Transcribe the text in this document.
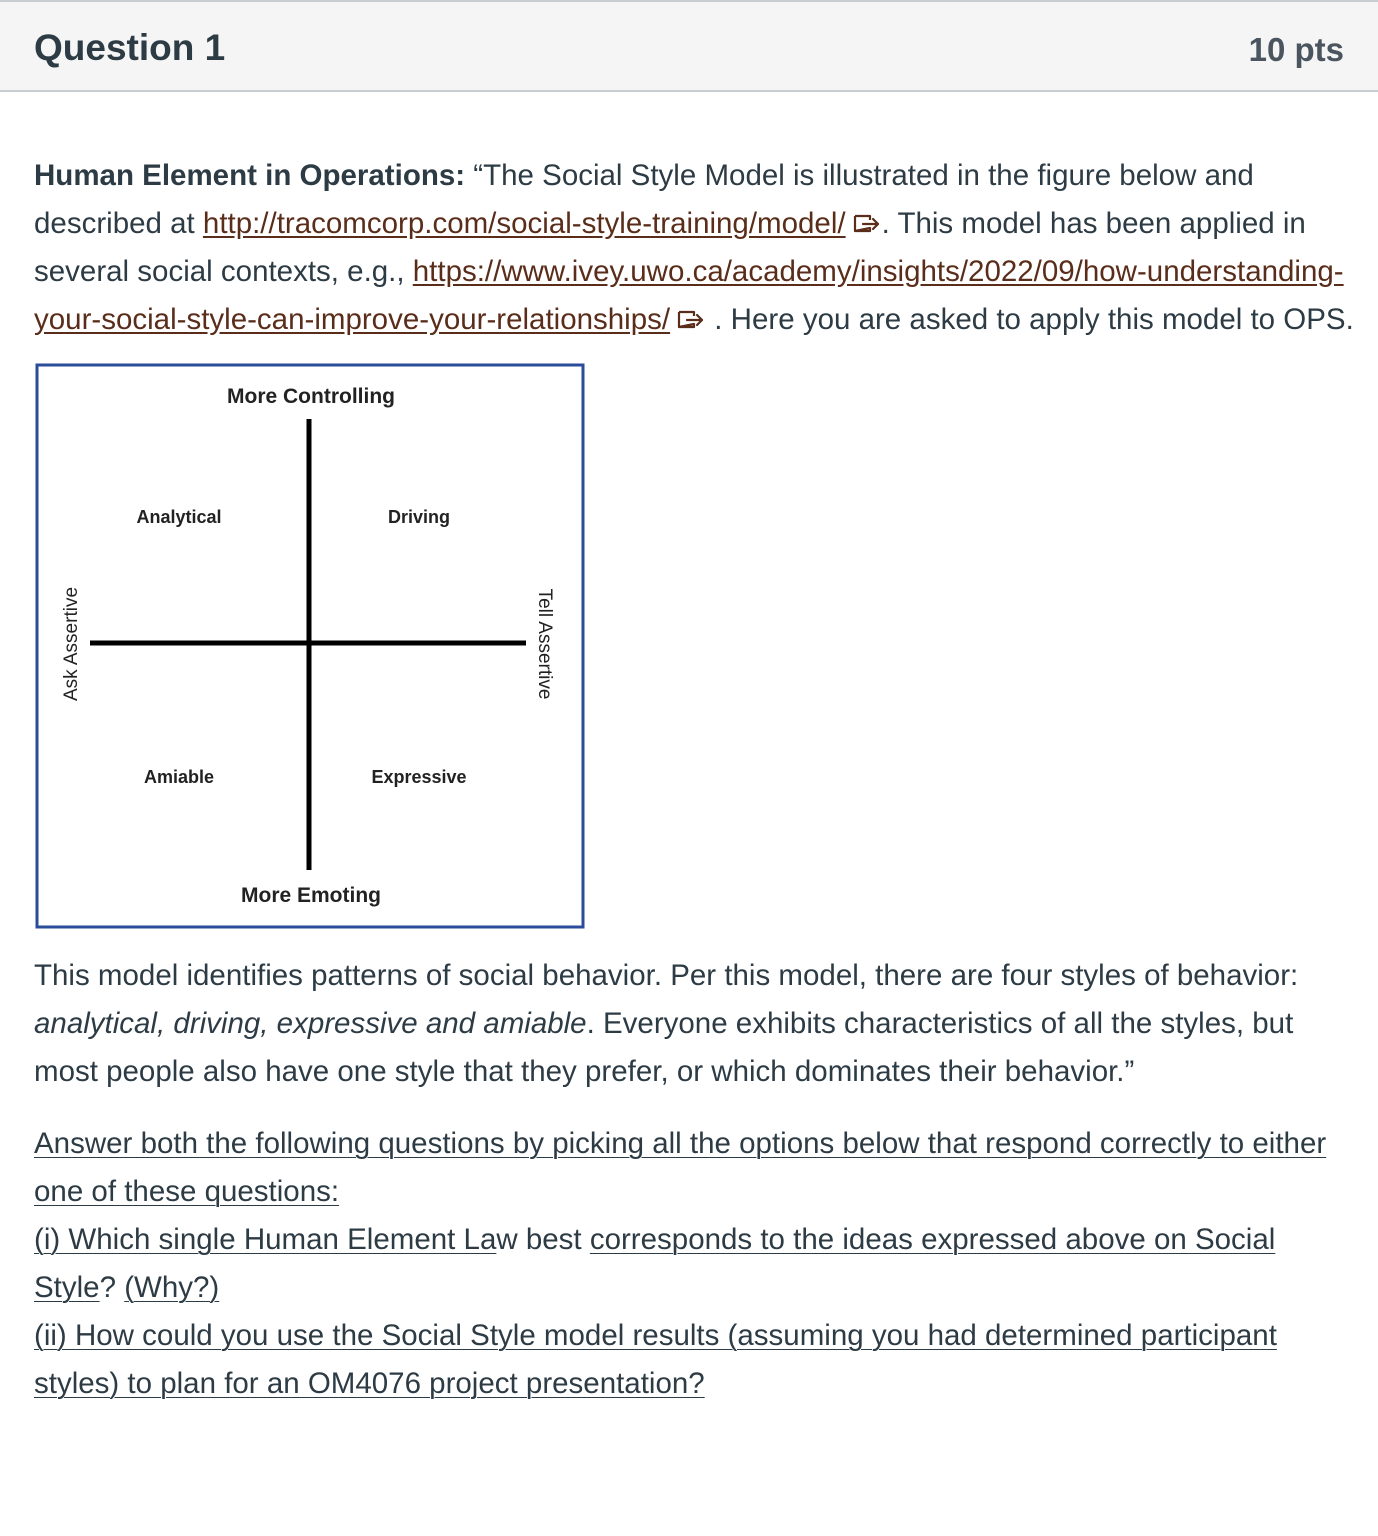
Question 1	10 pts

Human Element in Operations: “The Social Style Model is illustrated in the figure below and described at http://tracomcorp.com/social-style-training/model/ . This model has been applied in several social contexts, e.g., https://www.ivey.uwo.ca/academy/insights/2022/09/how-understanding-your-social-style-can-improve-your-relationships/ . Here you are asked to apply this model to OPS.

More Controlling
More Emoting
Ask Assertive	Tell Assertive
Analytical	Driving
Amiable	Expressive

This model identifies patterns of social behavior. Per this model, there are four styles of behavior: analytical, driving, expressive and amiable. Everyone exhibits characteristics of all the styles, but most people also have one style that they prefer, or which dominates their behavior.”

Answer both the following questions by picking all the options below that respond correctly to either one of these questions:
(i) Which single Human Element Law best corresponds to the ideas expressed above on Social Style? (Why?)
(ii) How could you use the Social Style model results (assuming you had determined participant styles) to plan for an OM4076 project presentation?
